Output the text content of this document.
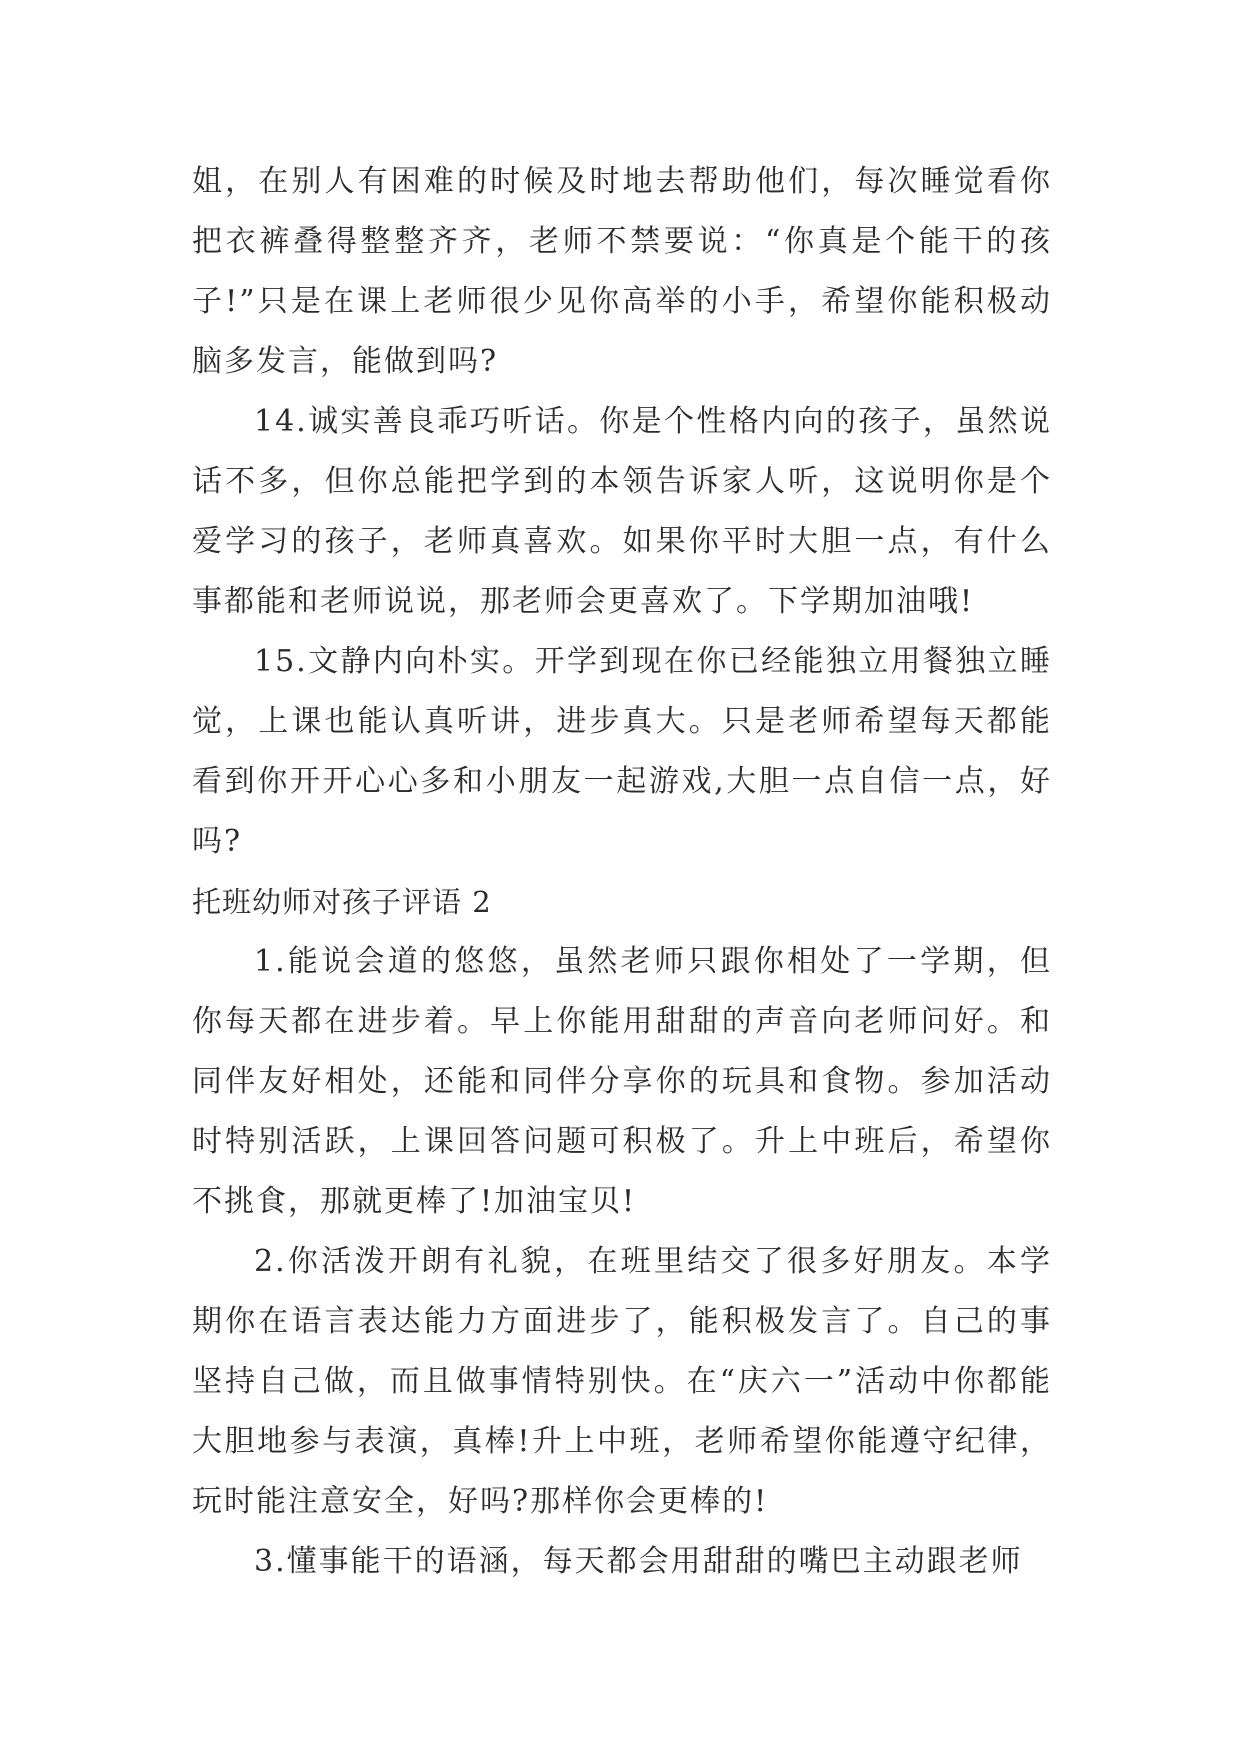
姐，在别人有困难的时候及时地去帮助他们，每次睡觉看你把衣裤叠得整整齐齐，老师不禁要说：“你真是个能干的孩子!”只是在课上老师很少见你高举的小手，希望你能积极动脑多发言，能做到吗?

14.诚实善良乖巧听话。你是个性格内向的孩子，虽然说话不多，但你总能把学到的本领告诉家人听，这说明你是个爱学习的孩子，老师真喜欢。如果你平时大胆一点，有什么事都能和老师说说，那老师会更喜欢了。下学期加油哦!

15.文静内向朴实。开学到现在你已经能独立用餐独立睡觉，上课也能认真听讲，进步真大。只是老师希望每天都能看到你开开心心多和小朋友一起游戏,大胆一点自信一点，好吗?

托班幼师对孩子评语 2

1.能说会道的悠悠，虽然老师只跟你相处了一学期，但你每天都在进步着。早上你能用甜甜的声音向老师问好。和同伴友好相处，还能和同伴分享你的玩具和食物。参加活动时特别活跃，上课回答问题可积极了。升上中班后，希望你不挑食，那就更棒了!加油宝贝!

2.你活泼开朗有礼貌，在班里结交了很多好朋友。本学期你在语言表达能力方面进步了，能积极发言了。自己的事坚持自己做，而且做事情特别快。在“庆六一”活动中你都能大胆地参与表演，真棒!升上中班，老师希望你能遵守纪律，玩时能注意安全，好吗?那样你会更棒的!

3.懂事能干的语涵，每天都会用甜甜的嘴巴主动跟老师
